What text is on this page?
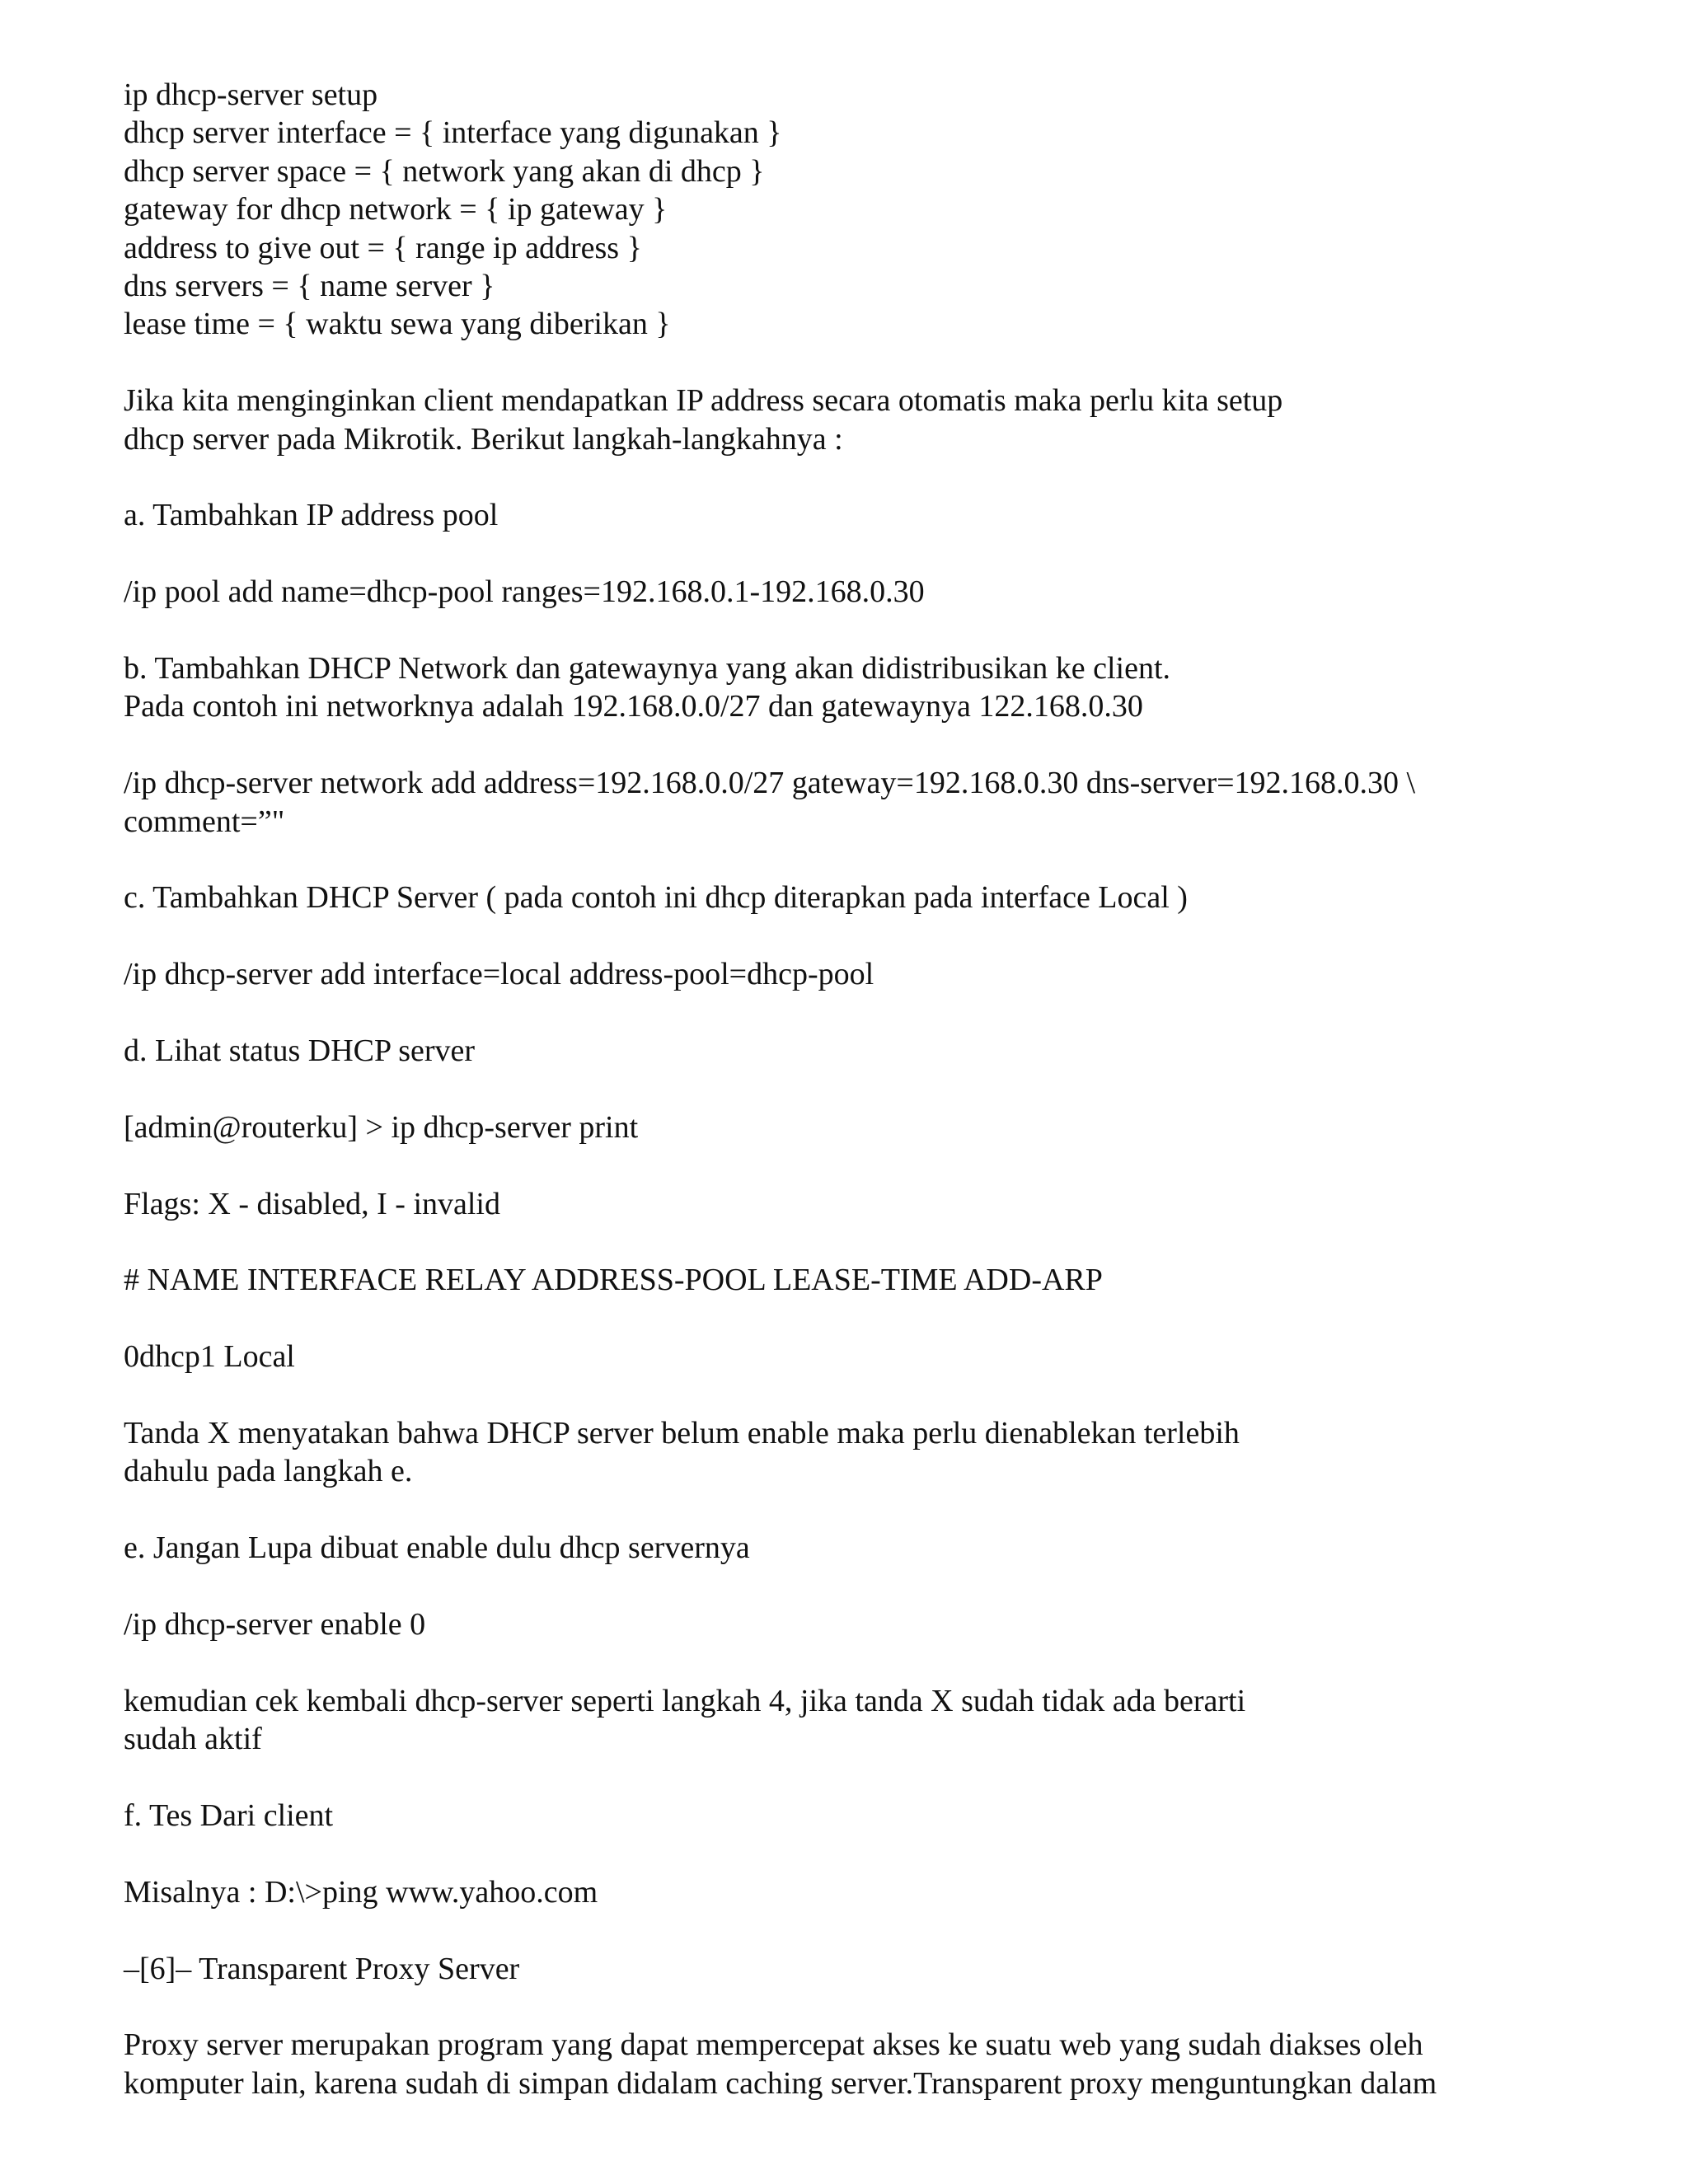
ip dhcp-server setup
dhcp server interface = { interface yang digunakan }
dhcp server space = { network yang akan di dhcp }
gateway for dhcp network = { ip gateway }
address to give out = { range ip address }
dns servers = { name server }
lease time = { waktu sewa yang diberikan }
Jika kita menginginkan client mendapatkan IP address secara otomatis maka perlu kita setup
dhcp server pada Mikrotik. Berikut langkah-langkahnya :
a. Tambahkan IP address pool
/ip pool add name=dhcp-pool ranges=192.168.0.1-192.168.0.30
b. Tambahkan DHCP Network dan gatewaynya yang akan didistribusikan ke client.
Pada contoh ini networknya adalah 192.168.0.0/27 dan gatewaynya 122.168.0.30
/ip dhcp-server network add address=192.168.0.0/27 gateway=192.168.0.30 dns-server=192.168.0.30 \
comment=”"
c. Tambahkan DHCP Server ( pada contoh ini dhcp diterapkan pada interface Local )
/ip dhcp-server add interface=local address-pool=dhcp-pool
d. Lihat status DHCP server
[admin@routerku] > ip dhcp-server print
Flags: X - disabled, I - invalid
# NAME INTERFACE RELAY ADDRESS-POOL LEASE-TIME ADD-ARP
0dhcp1 Local
Tanda X menyatakan bahwa DHCP server belum enable maka perlu dienablekan terlebih
dahulu pada langkah e.
e. Jangan Lupa dibuat enable dulu dhcp servernya
/ip dhcp-server enable 0
kemudian cek kembali dhcp-server seperti langkah 4, jika tanda X sudah tidak ada berarti
sudah aktif
f. Tes Dari client
Misalnya : D:\>ping www.yahoo.com
–[6]– Transparent Proxy Server
Proxy server merupakan program yang dapat mempercepat akses ke suatu web yang sudah diakses oleh
komputer lain, karena sudah di simpan didalam caching server.Transparent proxy menguntungkan dalam
